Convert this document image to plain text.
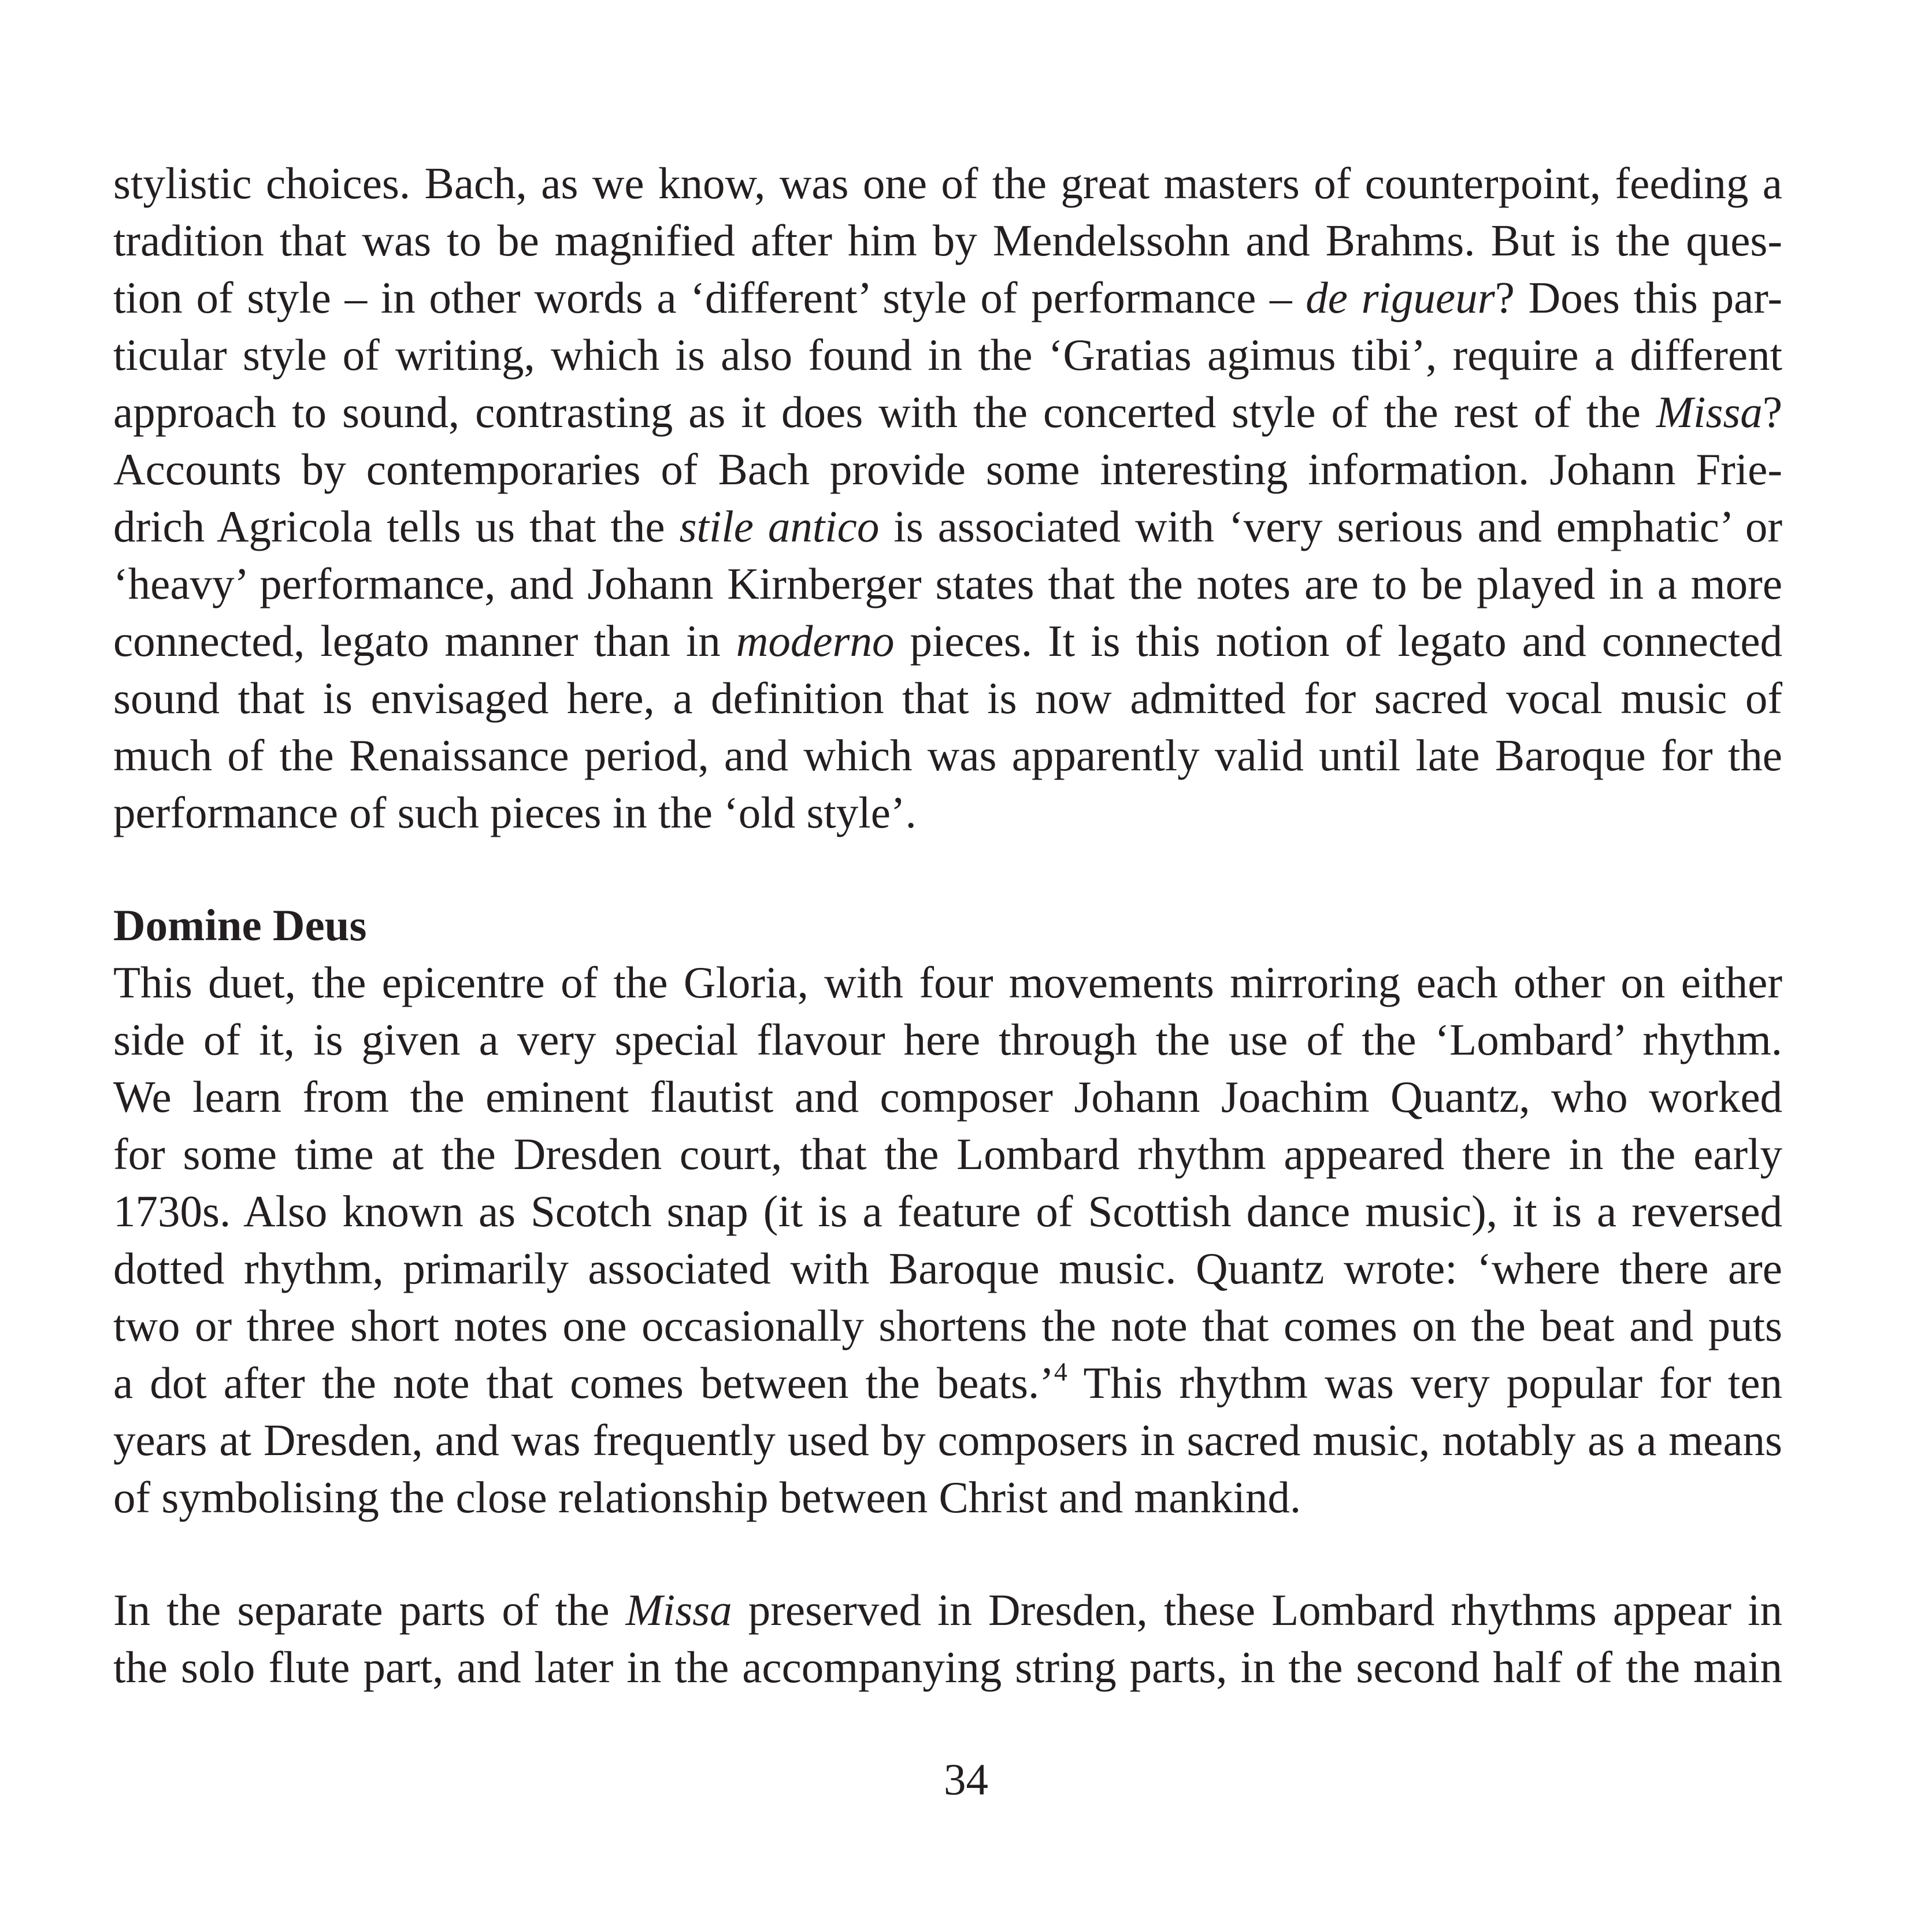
stylistic choices. Bach, as we know, was one of the great masters of counterpoint, feeding a
tradition that was to be magnified after him by Mendelssohn and Brahms. But is the ques-
tion of style – in other words a ‘different’ style of performance – de rigueur? Does this par-
ticular style of writing, which is also found in the ‘Gratias agimus tibi’, require a different
approach to sound, contrasting as it does with the concerted style of the rest of the Missa?
Accounts by contemporaries of Bach provide some interesting information. Johann Frie-
drich Agricola tells us that the stile antico is associated with ‘very serious and emphatic’ or
‘heavy’ performance, and Johann Kirnberger states that the notes are to be played in a more
connected, legato manner than in moderno pieces. It is this notion of legato and connected
sound that is envisaged here, a definition that is now admitted for sacred vocal music of
much of the Renaissance period, and which was apparently valid until late Baroque for the
performance of such pieces in the ‘old style’.
Domine Deus
This duet, the epicentre of the Gloria, with four movements mirroring each other on either
side of it, is given a very special flavour here through the use of the ‘Lombard’ rhythm.
We learn from the eminent flautist and composer Johann Joachim Quantz, who worked
for some time at the Dresden court, that the Lombard rhythm appeared there in the early
1730s. Also known as Scotch snap (it is a feature of Scottish dance music), it is a reversed
dotted rhythm, primarily associated with Baroque music. Quantz wrote: ‘where there are
two or three short notes one occasionally shortens the note that comes on the beat and puts
a dot after the note that comes between the beats.’$^4$ This rhythm was very popular for ten
years at Dresden, and was frequently used by composers in sacred music, notably as a means
of symbolising the close relationship between Christ and mankind.
In the separate parts of the Missa preserved in Dresden, these Lombard rhythms appear in
the solo flute part, and later in the accompanying string parts, in the second half of the main
34
